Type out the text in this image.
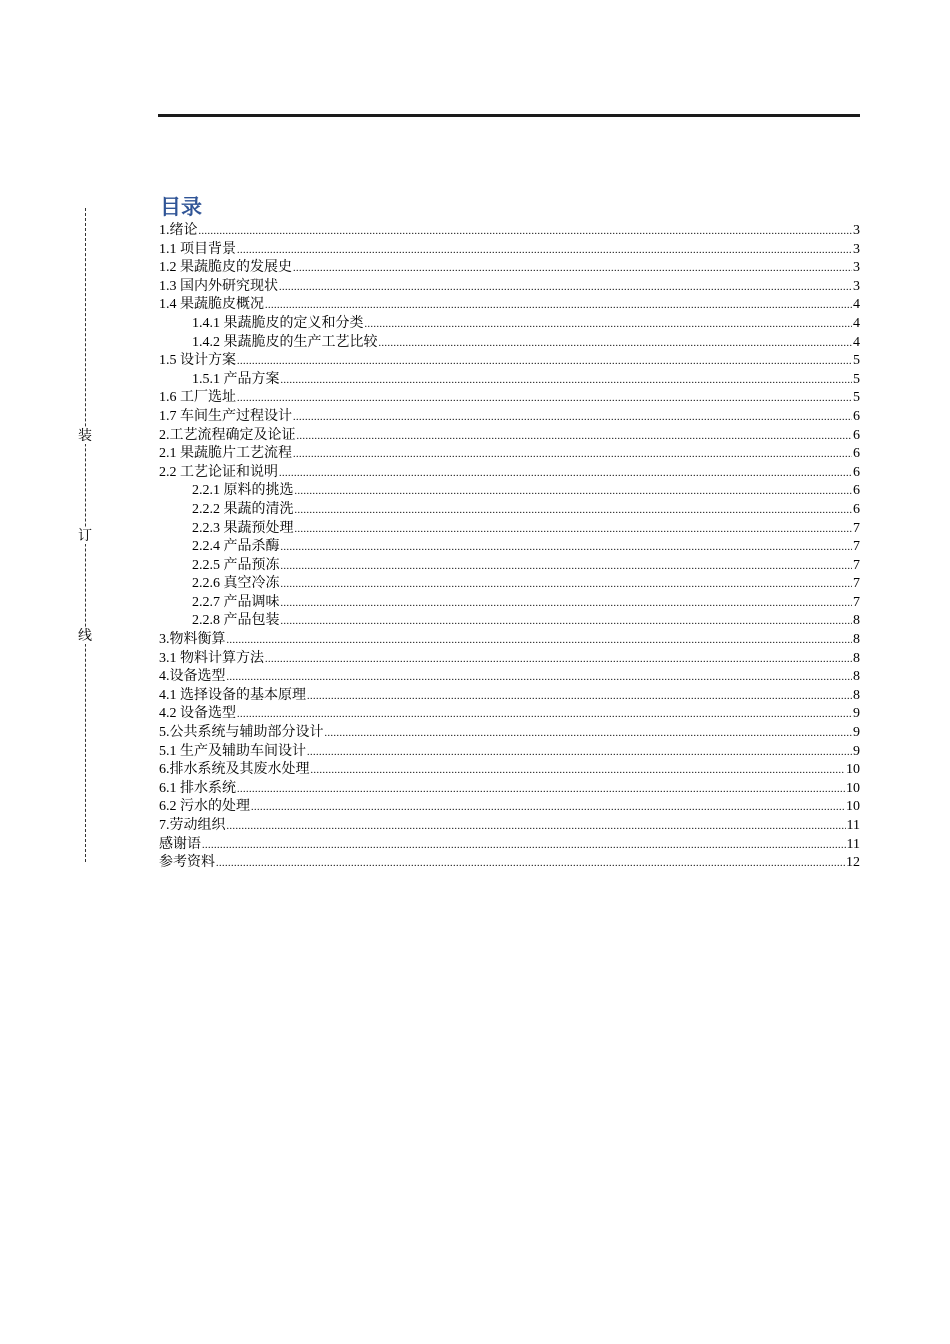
装
订
线
目录
1.绪论 .....	3
1.1 项目背景 .....	3
1.2 果蔬脆皮的发展史 .....	3
1.3 国内外研究现状 .....	3
1.4 果蔬脆皮概况 .....	4
1.4.1 果蔬脆皮的定义和分类 .....	4
1.4.2 果蔬脆皮的生产工艺比较 .....	4
1.5 设计方案 .....	5
1.5.1 产品方案 .....	5
1.6 工厂选址 .....	5
1.7 车间生产过程设计 .....	6
2.工艺流程确定及论证 .....	6
2.1 果蔬脆片工艺流程 .....	6
2.2 工艺论证和说明 .....	6
2.2.1 原料的挑选 .....	6
2.2.2 果蔬的清洗 .....	6
2.2.3 果蔬预处理 .....	7
2.2.4 产品杀酶 .....	7
2.2.5 产品预冻 .....	7
2.2.6 真空冷冻 .....	7
2.2.7 产品调味 .....	7
2.2.8 产品包装 .....	8
3.物料衡算 .....	8
3.1 物料计算方法 .....	8
4.设备选型 .....	8
4.1 选择设备的基本原理 .....	8
4.2 设备选型 .....	9
5.公共系统与辅助部分设计 .....	9
5.1 生产及辅助车间设计 .....	9
6.排水系统及其废水处理 .....	10
6.1 排水系统 .....	10
6.2 污水的处理 .....	10
7.劳动组织 .....	11
感谢语 .....	11
参考资料 .....	12
